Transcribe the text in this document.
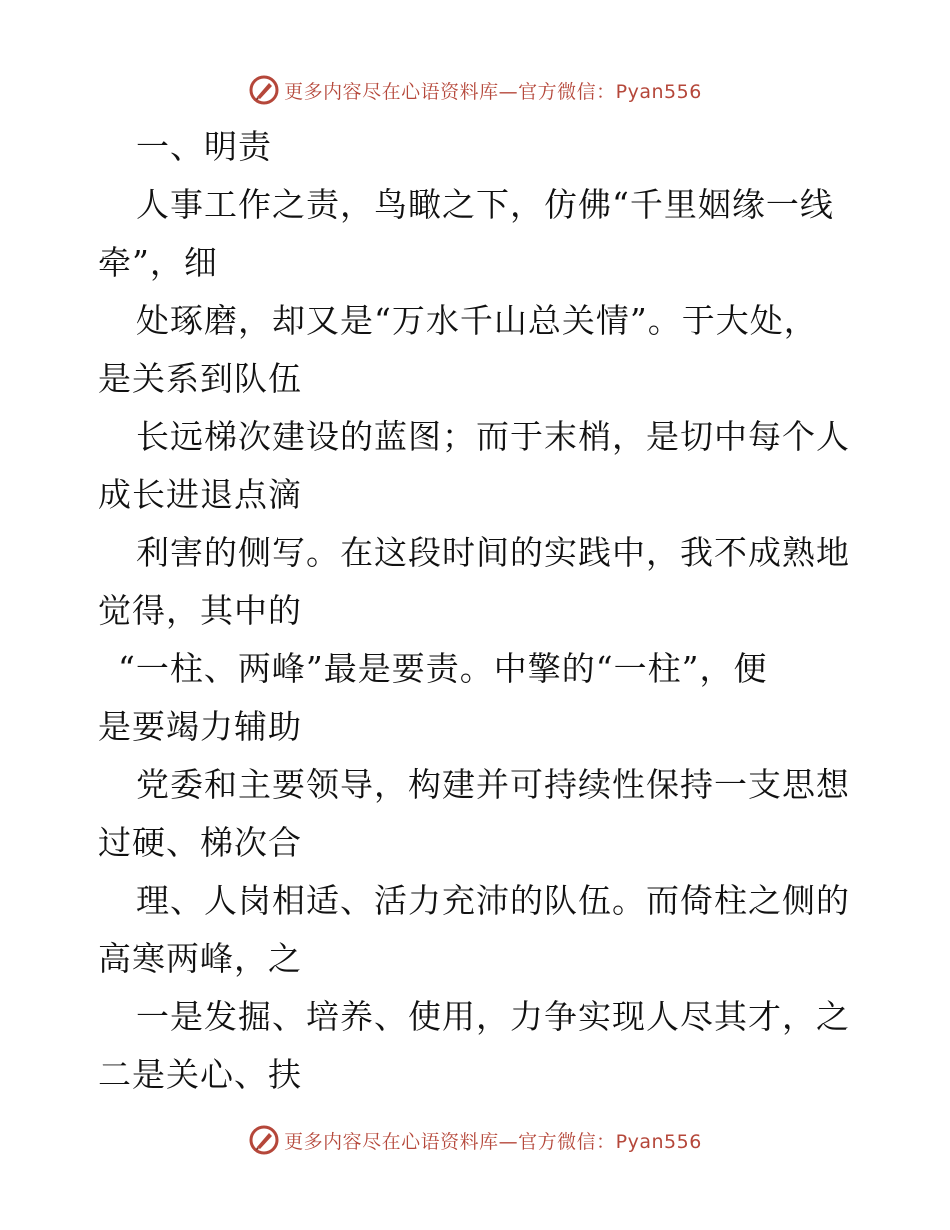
更多内容尽在心语资料库—官方微信：Pyan556
一、明责
人事工作之责，鸟瞰之下，仿佛“千里姻缘一线
牵”，细
处琢磨，却又是“万水千山总关情”。于大处，
是关系到队伍
长远梯次建设的蓝图；而于末梢，是切中每个人
成长进退点滴
利害的侧写。在这段时间的实践中，我不成熟地
觉得，其中的
“一柱、两峰”最是要责。中擎的“一柱”，便
是要竭力辅助
党委和主要领导，构建并可持续性保持一支思想
过硬、梯次合
理、人岗相适、活力充沛的队伍。而倚柱之侧的
高寒两峰，之
一是发掘、培养、使用，力争实现人尽其才，之
二是关心、扶
更多内容尽在心语资料库—官方微信：Pyan556
